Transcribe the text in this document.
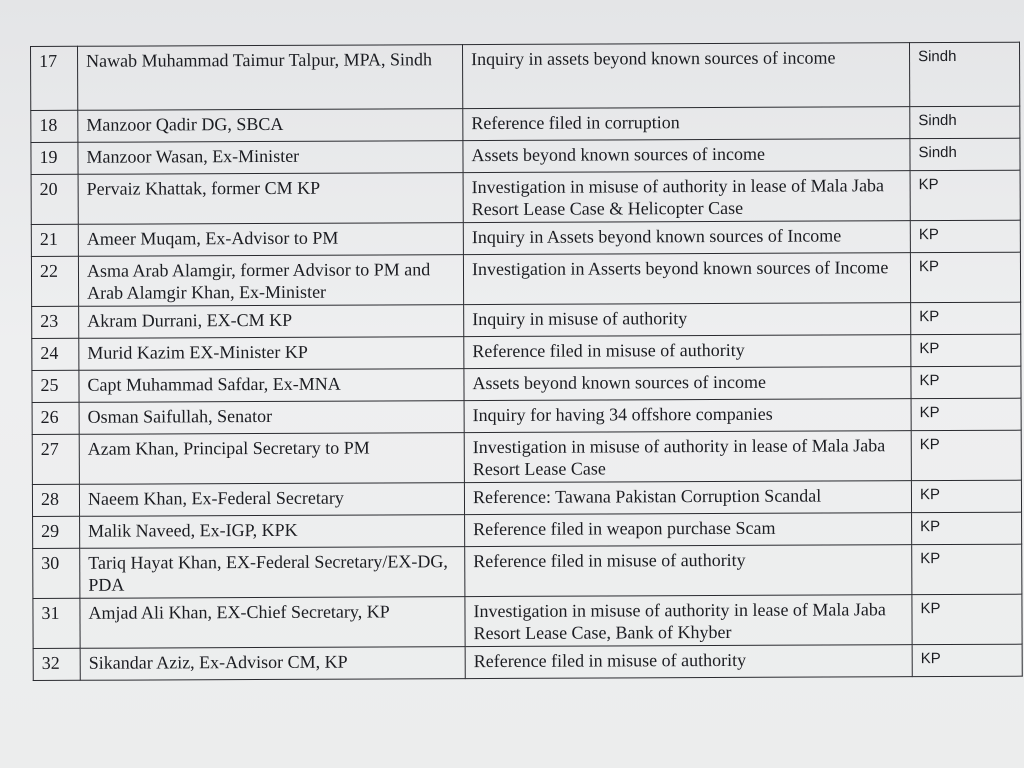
17	Nawab Muhammad Taimur Talpur, MPA, Sindh	Inquiry in assets beyond known sources of income	Sindh
18	Manzoor Qadir DG, SBCA	Reference filed in corruption	Sindh
19	Manzoor Wasan, Ex-Minister	Assets beyond known sources of income	Sindh
20	Pervaiz Khattak, former CM KP	Investigation in misuse of authority in lease of Mala Jaba Resort Lease Case & Helicopter Case	KP
21	Ameer Muqam, Ex-Advisor to PM	Inquiry in Assets beyond known sources of Income	KP
22	Asma Arab Alamgir, former Advisor to PM and Arab Alamgir Khan, Ex-Minister	Investigation in Asserts beyond known sources of Income	KP
23	Akram Durrani, EX-CM KP	Inquiry in misuse of authority	KP
24	Murid Kazim EX-Minister KP	Reference filed in misuse of authority	KP
25	Capt Muhammad Safdar, Ex-MNA	Assets beyond known sources of income	KP
26	Osman Saifullah, Senator	Inquiry for having 34 offshore companies	KP
27	Azam Khan, Principal Secretary to PM	Investigation in misuse of authority in lease of Mala Jaba Resort Lease Case	KP
28	Naeem Khan, Ex-Federal Secretary	Reference: Tawana Pakistan Corruption Scandal	KP
29	Malik Naveed, Ex-IGP, KPK	Reference filed in weapon purchase Scam	KP
30	Tariq Hayat Khan, EX-Federal Secretary/EX-DG, PDA	Reference filed in misuse of authority	KP
31	Amjad Ali Khan, EX-Chief Secretary, KP	Investigation in misuse of authority in lease of Mala Jaba Resort Lease Case, Bank of Khyber	KP
32	Sikandar Aziz, Ex-Advisor CM, KP	Reference filed in misuse of authority	KP
